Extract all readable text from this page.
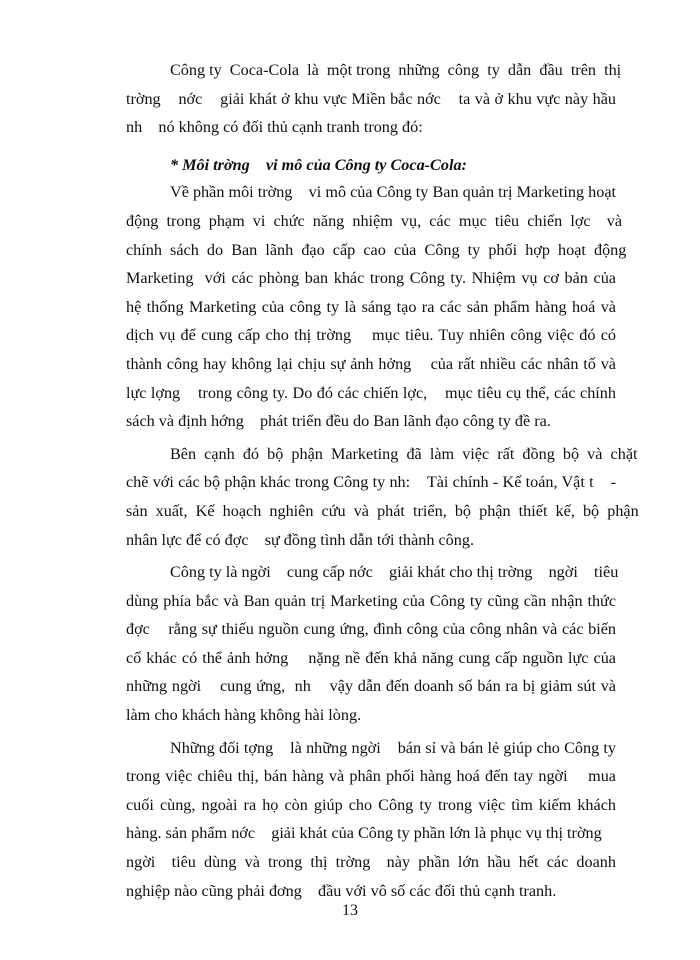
Công ty  Coca-Cola  là  một trong  những  công  ty  dẫn  đầu  trên  thị
trờng    nớc    giải khát ở khu vực Miền bắc nớc    ta và ở khu vực này hầu
nh    nó không có đối thủ cạnh tranh trong đó:
* Môi trờng    vi mô của Công ty Coca-Cola:
Về phần môi trờng    vi mô của Công ty Ban quản trị Marketing hoạt
động  trong  phạm  vi  chức  năng  nhiệm  vụ,  các  mục  tiêu  chiến  lợc    và
chính  sách  do  Ban  lãnh  đạo  cấp  cao  của  Công  ty  phối  hợp  hoạt  động
Marketing  với các phòng ban khác trong Công ty. Nhiệm vụ cơ bản của
hệ thống Marketing của công ty là sáng tạo ra các sản phẩm hàng hoá và
dịch vụ để cung cấp cho thị trờng    mục tiêu. Tuy nhiên công việc đó có
thành công hay không lại chịu sự ảnh hởng    của rất nhiều các nhân tố và
lực lợng    trong công ty. Do đó các chiến lợc,    mục tiêu cụ thể, các chính
sách và định hớng    phát triển đều do Ban lãnh đạo công ty đề ra.
Bên  cạnh  đó  bộ  phận  Marketing  đã  làm  việc  rất  đồng  bộ  và  chặt
chẽ với các bộ phận khác trong Công ty nh:    Tài chính - Kế toán, Vật t    -
sản  xuất,  Kế  hoạch  nghiên  cứu  và  phát  triển,  bộ  phận  thiết  kế,  bộ  phận
nhân lực để có đợc    sự đồng tình dẫn tới thành công.
Công ty là ngời    cung cấp nớc    giải khát cho thị trờng    ngời    tiêu
dùng phía bắc và Ban quản trị Marketing của Công ty cũng cần nhận thức
đợc    rằng sự thiếu nguồn cung ứng, đình công của công nhân và các biến
cố khác có thể ảnh hởng    nặng nề đến khả năng cung cấp nguồn lực của
những ngời    cung ứng,  nh    vậy dẫn đến doanh số bán ra bị giảm sút và
làm cho khách hàng không hài lòng.
Những đối tợng    là những ngời    bán sỉ và bán lẻ giúp cho Công ty
trong việc chiêu thị, bán hàng và phân phối hàng hoá đến tay ngời    mua
cuối cùng, ngoài ra họ còn giúp cho Công ty trong việc tìm kiếm khách
hàng. sản phẩm nớc    giải khát của Công ty phần lớn là phục vụ thị trờng
ngời    tiêu  dùng  và  trong  thị  trờng    này  phần  lớn  hầu  hết  các  doanh
nghiệp nào cũng phải đơng    đầu với vô số các đối thủ cạnh tranh.
13
